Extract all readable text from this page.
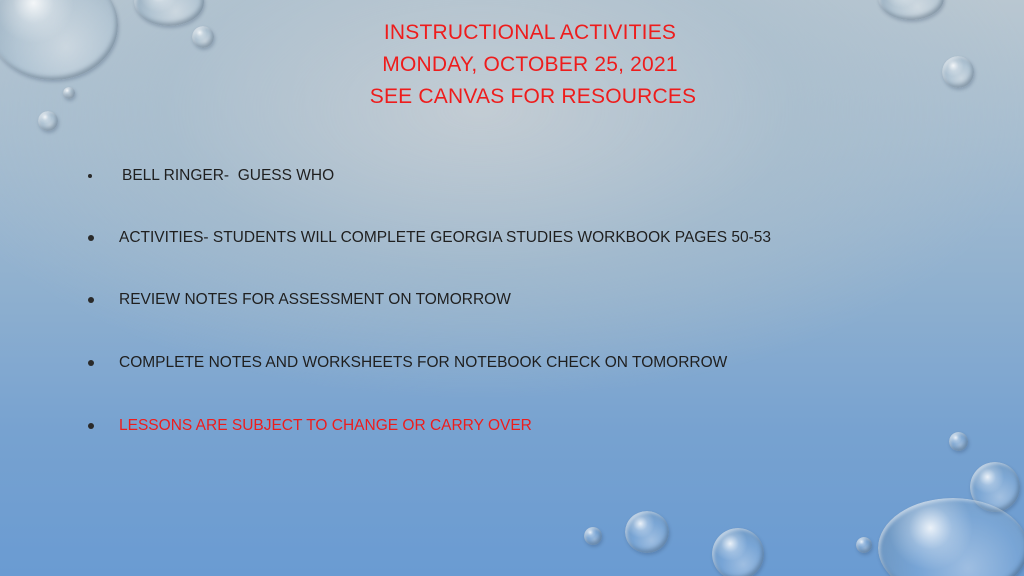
INSTRUCTIONAL ACTIVITIES
MONDAY, OCTOBER 25, 2021
SEE CANVAS FOR RESOURCES
BELL RINGER-  GUESS WHO
ACTIVITIES- STUDENTS WILL COMPLETE GEORGIA STUDIES WORKBOOK PAGES 50-53
REVIEW NOTES FOR ASSESSMENT ON TOMORROW
COMPLETE NOTES AND WORKSHEETS FOR NOTEBOOK CHECK ON TOMORROW
LESSONS ARE SUBJECT TO CHANGE OR CARRY OVER
